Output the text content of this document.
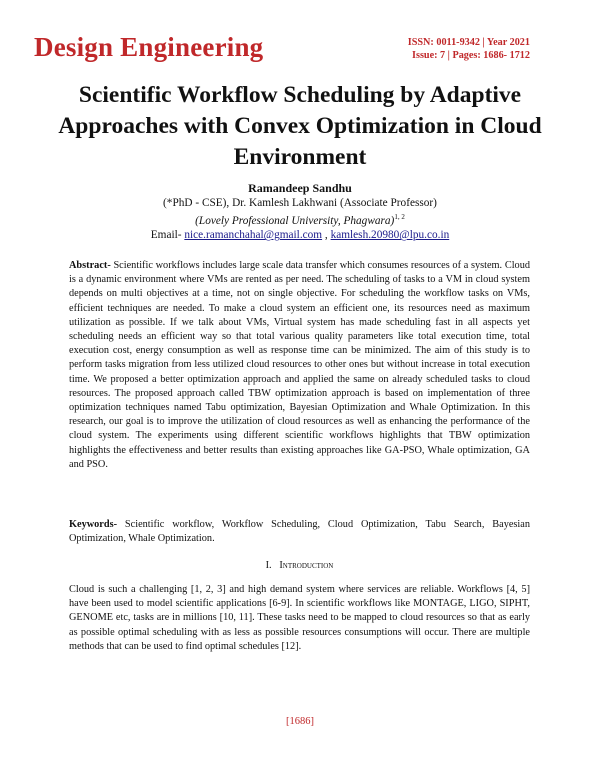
Design Engineering	ISSN: 0011-9342 | Year 2021
Issue: 7 | Pages: 1686- 1712
Scientific Workflow Scheduling by Adaptive Approaches with Convex Optimization in Cloud Environment
Ramandeep Sandhu
(*PhD - CSE), Dr. Kamlesh Lakhwani (Associate Professor)
(Lovely Professional University, Phagwara)$^{1, 2}$
Email- nice.ramanchahal@gmail.com , kamlesh.20980@lpu.co.in
Abstract- Scientific workflows includes large scale data transfer which consumes resources of a system. Cloud is a dynamic environment where VMs are rented as per need. The scheduling of tasks to a VM in cloud system depends on multi objectives at a time, not on single objective. For scheduling the workflow tasks on VMs, efficient techniques are needed. To make a cloud system an efficient one, its resources need as maximum utilization as possible. If we talk about VMs, Virtual system has made scheduling fast in all aspects yet scheduling needs an efficient way so that total various quality parameters like total execution time, total execution cost, energy consumption as well as response time can be minimized. The aim of this study is to perform tasks migration from less utilized cloud resources to other ones but without increase in total execution time. We proposed a better optimization approach and applied the same on already scheduled tasks to cloud resources. The proposed approach called TBW optimization approach is based on implementation of three optimization techniques named Tabu optimization, Bayesian Optimization and Whale Optimization. In this research, our goal is to improve the utilization of cloud resources as well as enhancing the performance of the cloud system. The experiments using different scientific workflows highlights that TBW optimization highlights the effectiveness and better results than existing approaches like GA-PSO, Whale optimization, GA and PSO.
Keywords- Scientific workflow, Workflow Scheduling, Cloud Optimization, Tabu Search, Bayesian Optimization, Whale Optimization.
I. Introduction
Cloud is such a challenging [1, 2, 3] and high demand system where services are reliable. Workflows [4, 5] have been used to model scientific applications [6-9]. In scientific workflows like MONTAGE, LIGO, SIPHT, GENOME etc, tasks are in millions [10, 11]. These tasks need to be mapped to cloud resources so that as early as possible optimal scheduling with as less as possible resources consumptions will occur. There are multiple methods that can be used to find optimal schedules [12].
[1686]
